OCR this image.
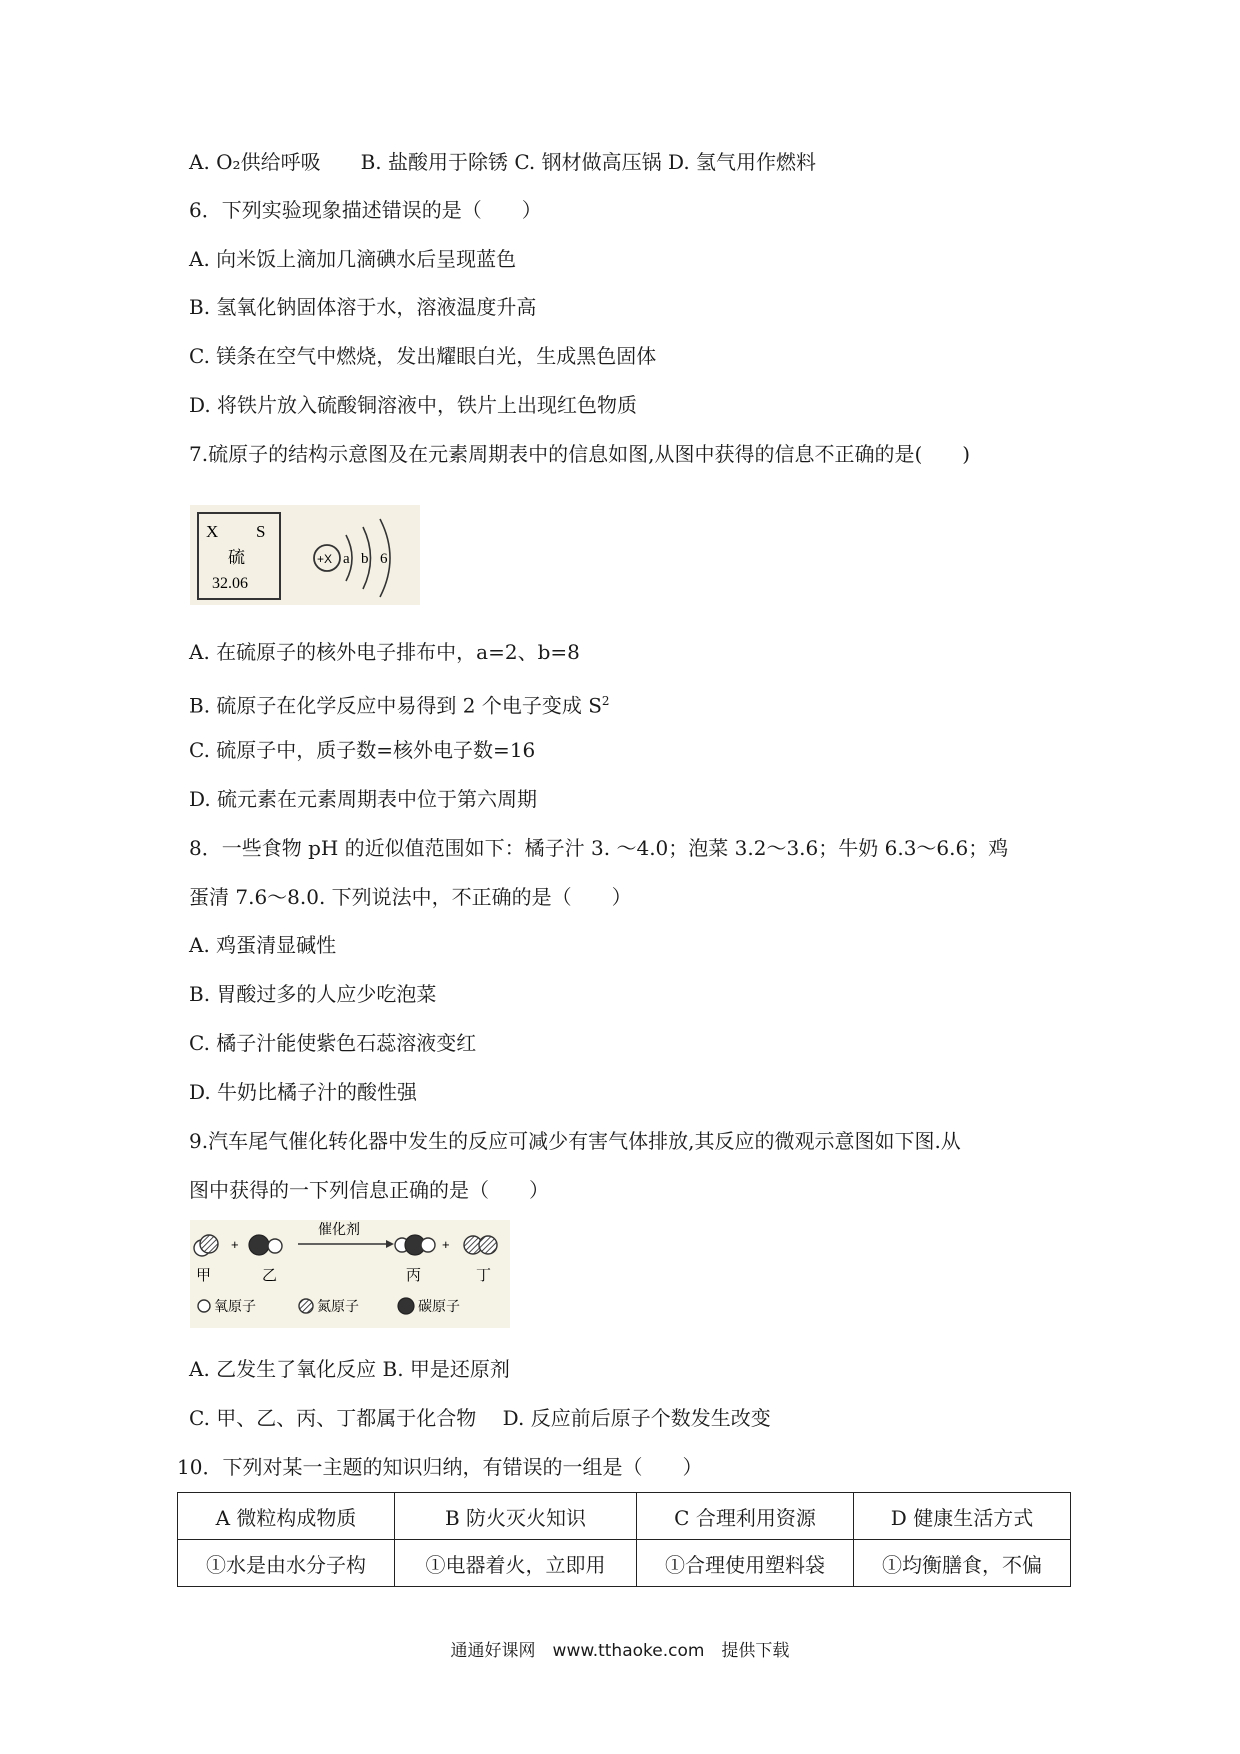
A. O₂供给呼吸　　B. 盐酸用于除锈 C. 钢材做高压锅 D. 氢气用作燃料
6．下列实验现象描述错误的是（　　）
A. 向米饭上滴加几滴碘水后呈现蓝色
B. 氢氧化钠固体溶于水，溶液温度升高
C. 镁条在空气中燃烧，发出耀眼白光，生成黑色固体
D. 将铁片放入硫酸铜溶液中，铁片上出现红色物质
7.硫原子的结构示意图及在元素周期表中的信息如图,从图中获得的信息不正确的是(　　)
X S
硫
32.06
+X a b 6
A. 在硫原子的核外电子排布中，a=2、b=8
B. 硫原子在化学反应中易得到 2 个电子变成 $S^2$
C. 硫原子中，质子数=核外电子数=16
D. 硫元素在元素周期表中位于第六周期
8．一些食物 pH 的近似值范围如下：橘子汁 3. ～4.0；泡菜 3.2～3.6；牛奶 6.3～6.6；鸡
蛋清 7.6～8.0. 下列说法中，不正确的是（　　）
A. 鸡蛋清显碱性
B. 胃酸过多的人应少吃泡菜
C. 橘子汁能使紫色石蕊溶液变红
D. 牛奶比橘子汁的酸性强
9.汽车尾气催化转化器中发生的反应可减少有害气体排放,其反应的微观示意图如下图.从
图中获得的一下列信息正确的是（　　）
+
催化剂
+
甲	乙	丙	丁
氧原子	氮原子	碳原子
A. 乙发生了氧化反应 B. 甲是还原剂
C. 甲、乙、丙、丁都属于化合物　 D. 反应前后原子个数发生改变
10．下列对某一主题的知识归纳，有错误的一组是（　　）
A 微粒构成物质	B 防火灭火知识	C 合理利用资源	D 健康生活方式
①水是由水分子构	①电器着火，立即用	①合理使用塑料袋	①均衡膳食，不偏
通通好课网　www.tthaoke.com　提供下载
